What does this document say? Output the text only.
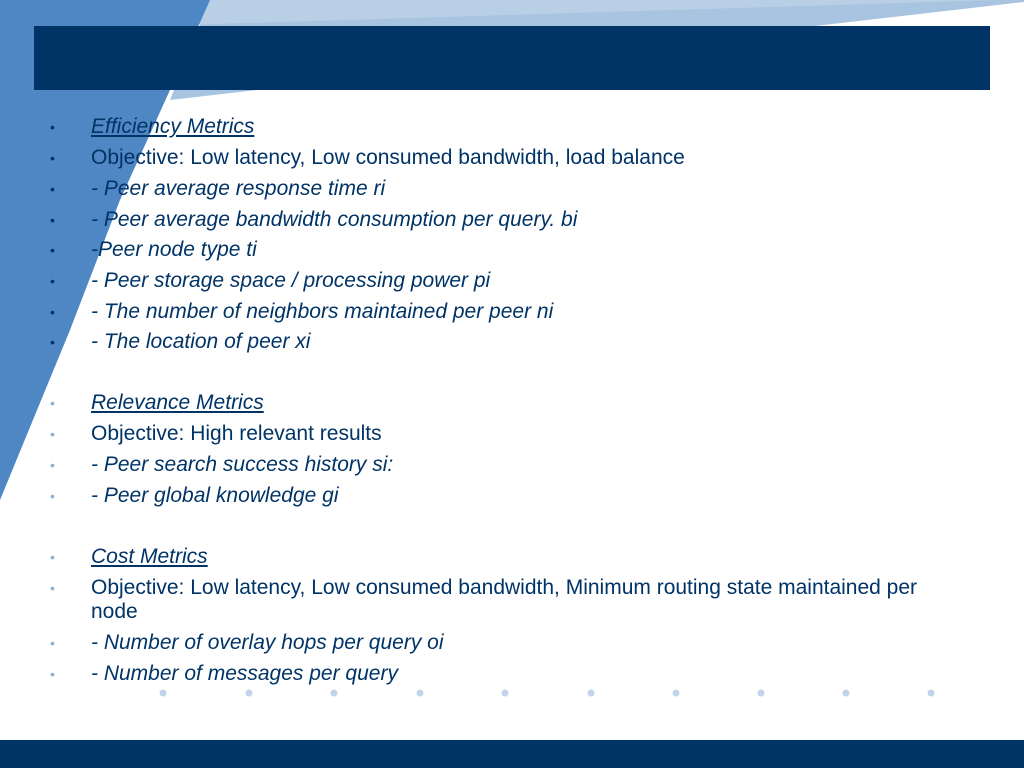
•	Efficiency Metrics
•	Objective: Low latency, Low consumed bandwidth, load balance
•	- Peer average response time ri
•	- Peer average bandwidth consumption per query. bi
•	-Peer node type ti
•	- Peer storage space / processing power pi
•	- The number of neighbors maintained per peer ni
•	- The location of peer xi
•	Relevance Metrics
•	Objective: High relevant results
•	- Peer search success history si:
•	- Peer global knowledge gi
•	Cost Metrics
•	Objective: Low latency, Low consumed bandwidth, Minimum routing state maintained per node
•	- Number of overlay hops per query oi
•	- Number of messages per query
